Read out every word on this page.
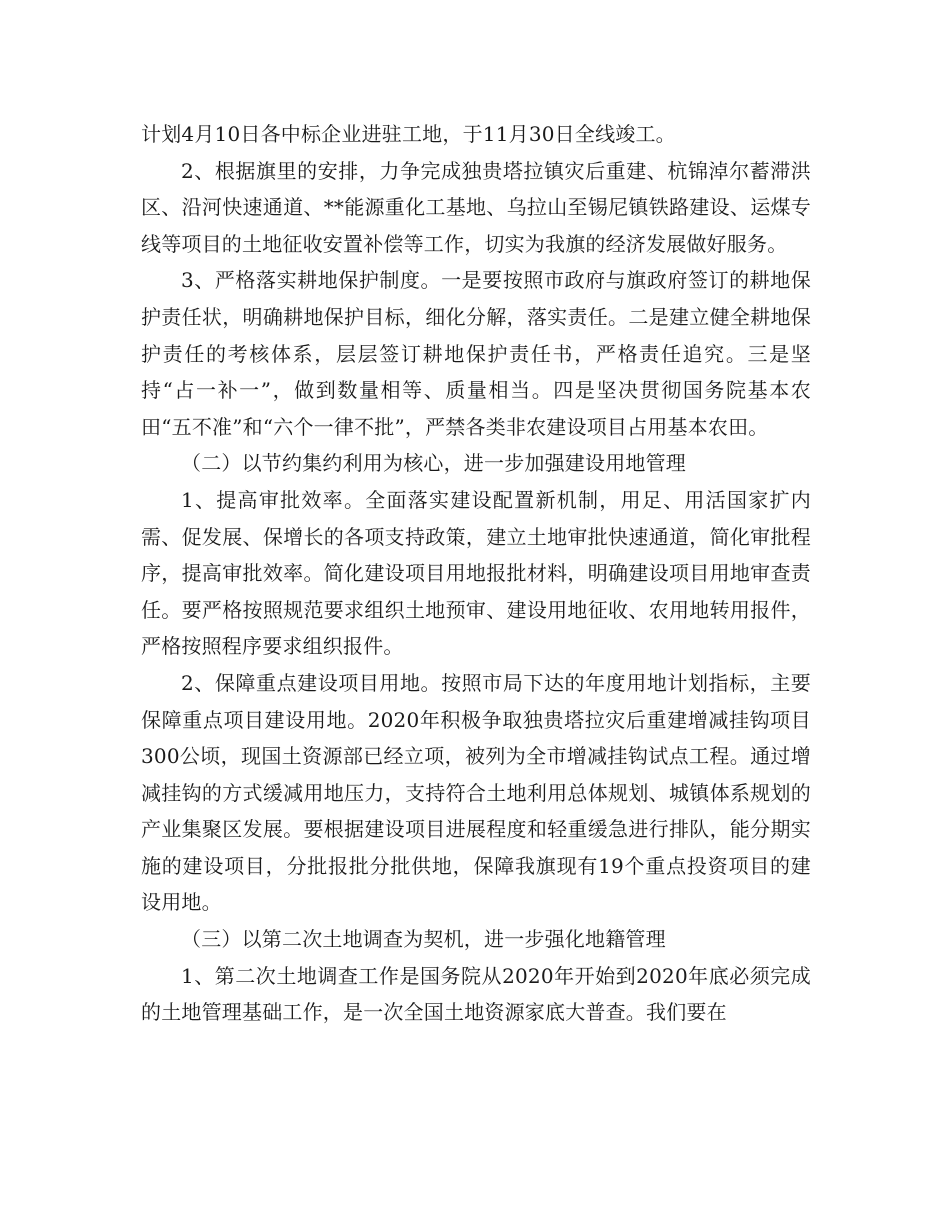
计划4月10日各中标企业进驻工地，于11月30日全线竣工。

2、根据旗里的安排，力争完成独贵塔拉镇灾后重建、杭锦淖尔蓄滞洪区、沿河快速通道、**能源重化工基地、乌拉山至锡尼镇铁路建设、运煤专线等项目的土地征收安置补偿等工作，切实为我旗的经济发展做好服务。

3、严格落实耕地保护制度。一是要按照市政府与旗政府签订的耕地保护责任状，明确耕地保护目标，细化分解，落实责任。二是建立健全耕地保护责任的考核体系，层层签订耕地保护责任书，严格责任追究。三是坚持“占一补一”，做到数量相等、质量相当。四是坚决贯彻国务院基本农田“五不准”和“六个一律不批”，严禁各类非农建设项目占用基本农田。

（二）以节约集约利用为核心，进一步加强建设用地管理

1、提高审批效率。全面落实建设配置新机制，用足、用活国家扩内需、促发展、保增长的各项支持政策，建立土地审批快速通道，简化审批程序，提高审批效率。简化建设项目用地报批材料，明确建设项目用地审查责任。要严格按照规范要求组织土地预审、建设用地征收、农用地转用报件，严格按照程序要求组织报件。

2、保障重点建设项目用地。按照市局下达的年度用地计划指标，主要保障重点项目建设用地。2020年积极争取独贵塔拉灾后重建增减挂钩项目300公顷，现国土资源部已经立项，被列为全市增减挂钩试点工程。通过增减挂钩的方式缓减用地压力，支持符合土地利用总体规划、城镇体系规划的产业集聚区发展。要根据建设项目进展程度和轻重缓急进行排队，能分期实施的建设项目，分批报批分批供地，保障我旗现有19个重点投资项目的建设用地。

（三）以第二次土地调查为契机，进一步强化地籍管理

1、第二次土地调查工作是国务院从2020年开始到2020年底必须完成的土地管理基础工作，是一次全国土地资源家底大普查。我们要在
